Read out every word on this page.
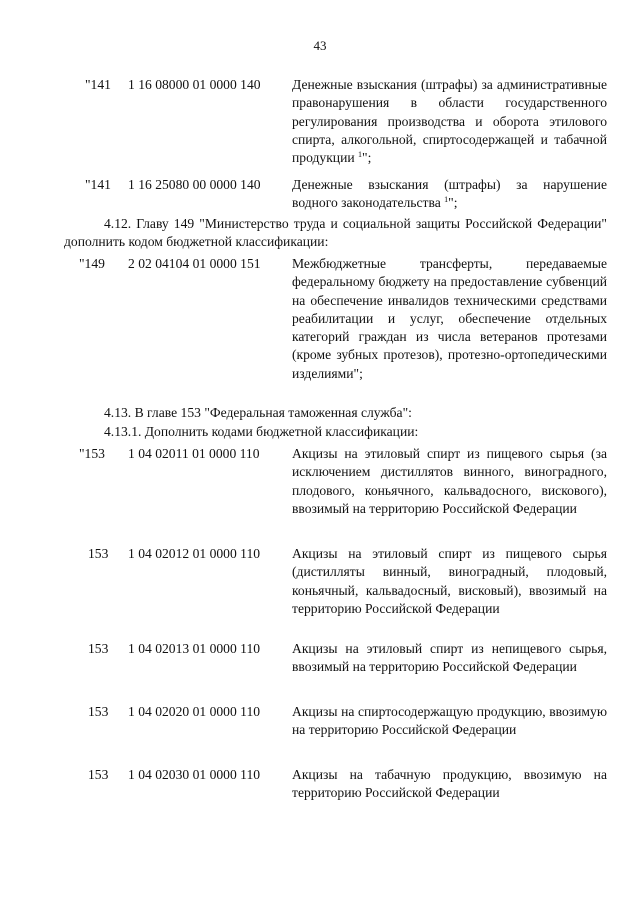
43
"141 1 16 08000 01 0000 140 Денежные взыскания (штрафы) за административные правонарушения в области государственного регулирования производства и оборота этилового спирта, алкогольной, спиртосодержащей и табачной продукции $^1$";
"141 1 16 25080 00 0000 140 Денежные взыскания (штрафы) за нарушение водного законодательства $^1$";
4.12. Главу 149 "Министерство труда и социальной защиты Российской Федерации" дополнить кодом бюджетной классификации:
"149 2 02 04104 01 0000 151 Межбюджетные трансферты, передаваемые федеральному бюджету на предоставление субвенций на обеспечение инвалидов техническими средствами реабилитации и услуг, обеспечение отдельных категорий граждан из числа ветеранов протезами (кроме зубных протезов), протезно-ортопедическими изделиями";
4.13. В главе 153 "Федеральная таможенная служба":
4.13.1. Дополнить кодами бюджетной классификации:
"153 1 04 02011 01 0000 110 Акцизы на этиловый спирт из пищевого сырья (за исключением дистиллятов винного, виноградного, плодового, коньячного, кальвадосного, вискового), ввозимый на территорию Российской Федерации
153 1 04 02012 01 0000 110 Акцизы на этиловый спирт из пищевого сырья (дистилляты винный, виноградный, плодовый, коньячный, кальвадосный, висковый), ввозимый на территорию Российской Федерации
153 1 04 02013 01 0000 110 Акцизы на этиловый спирт из непищевого сырья, ввозимый на территорию Российской Федерации
153 1 04 02020 01 0000 110 Акцизы на спиртосодержащую продукцию, ввозимую на территорию Российской Федерации
153 1 04 02030 01 0000 110 Акцизы на табачную продукцию, ввозимую на территорию Российской Федерации
